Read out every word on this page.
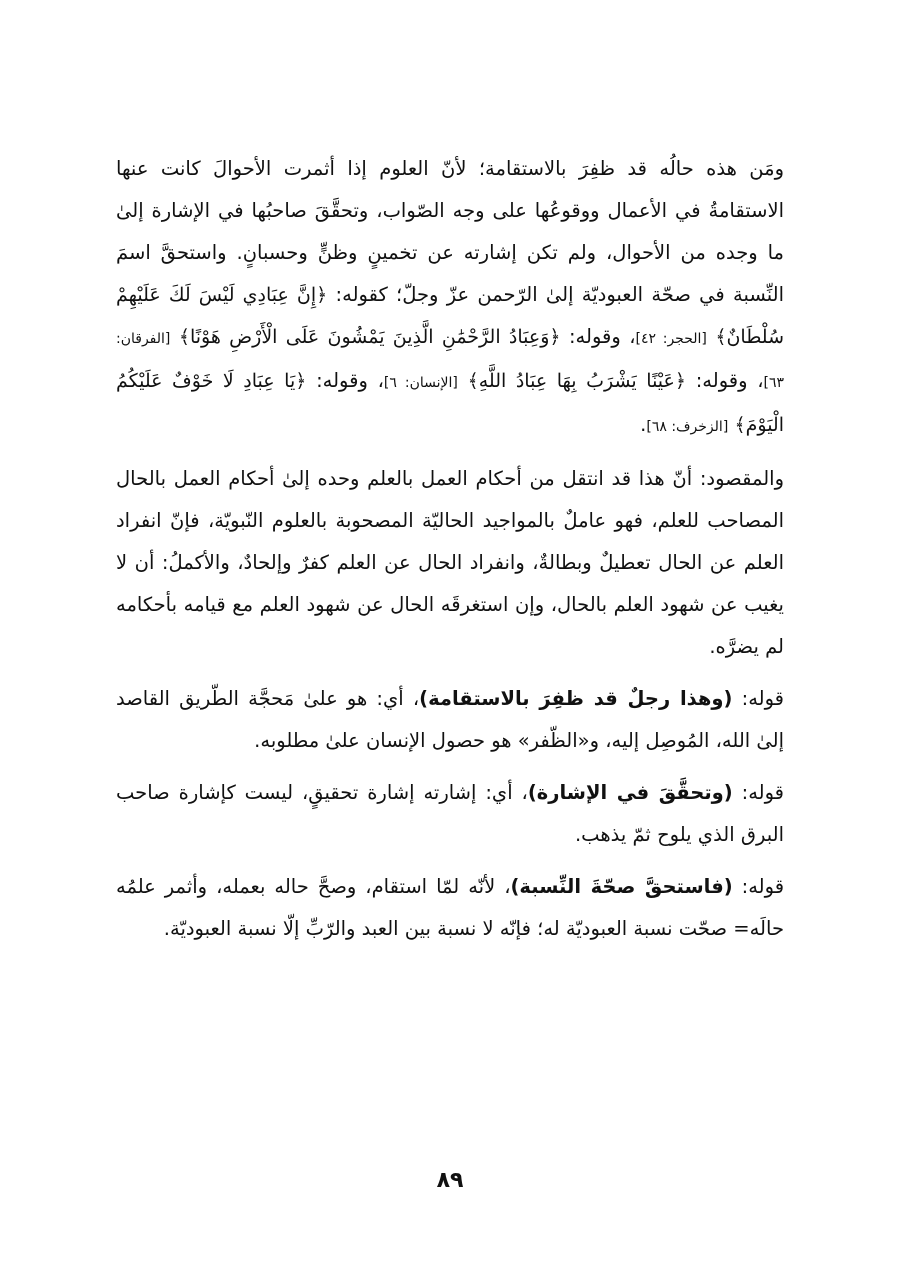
ومَن هذه حالُه قد ظفِرَ بالاستقامة؛ لأنّ العلوم إذا أثمرت الأحوالَ كانت عنها الاستقامةُ في الأعمال ووقوعُها على وجه الصّواب، وتحقَّقَ صاحبُها في الإشارة إلىٰ ما وجده من الأحوال، ولم تكن إشارته عن تخمينٍ وظنٍّ وحسبانٍ. واستحقَّ اسمَ النِّسبة في صحّة العبوديّة إلىٰ الرّحمن عزّ وجلّ؛ كقوله: ﴿إِنَّ عِبَادِي لَيْسَ لَكَ عَلَيْهِمْ سُلْطَانٌ﴾ [الحجر: ٤٢]، وقوله: ﴿وَعِبَادُ الرَّحْمَٰنِ الَّذِينَ يَمْشُونَ عَلَى الْأَرْضِ هَوْنًا﴾ [الفرقان: ٦٣]، وقوله: ﴿عَيْنًا يَشْرَبُ بِهَا عِبَادُ اللَّهِ﴾ [الإنسان: ٦]، وقوله: ﴿يَا عِبَادِ لَا خَوْفٌ عَلَيْكُمُ الْيَوْمَ﴾ [الزخرف: ٦٨].

والمقصود: أنّ هذا قد انتقل من أحكام العمل بالعلم وحده إلىٰ أحكام العمل بالحال المصاحب للعلم، فهو عاملٌ بالمواجيد الحاليّة المصحوبة بالعلوم النّبويّة، فإنّ انفراد العلم عن الحال تعطيلٌ وبطالةٌ، وانفراد الحال عن العلم كفرٌ وإلحادٌ، والأكملُ: أن لا يغيب عن شهود العلم بالحال، وإن استغرقَه الحال عن شهود العلم مع قيامه بأحكامه لم يضرَّه.

قوله: (وهذا رجلٌ قد ظفِرَ بالاستقامة)، أي: هو علىٰ مَحجَّة الطّريق القاصد إلىٰ الله، المُوصِل إليه، و«الظّفر» هو حصول الإنسان علىٰ مطلوبه.

قوله: (وتحقَّقَ في الإشارة)، أي: إشارته إشارة تحقيقٍ، ليست كإشارة صاحب البرق الذي يلوح ثمّ يذهب.

قوله: (فاستحقَّ صحّةَ النِّسبة)، لأنّه لمّا استقام، وصحَّ حاله بعمله، وأثمر علمُه حالَه= صحّت نسبة العبوديّة له؛ فإنّه لا نسبة بين العبد والرّبِّ إلّا نسبة العبوديّة.

٨٩
